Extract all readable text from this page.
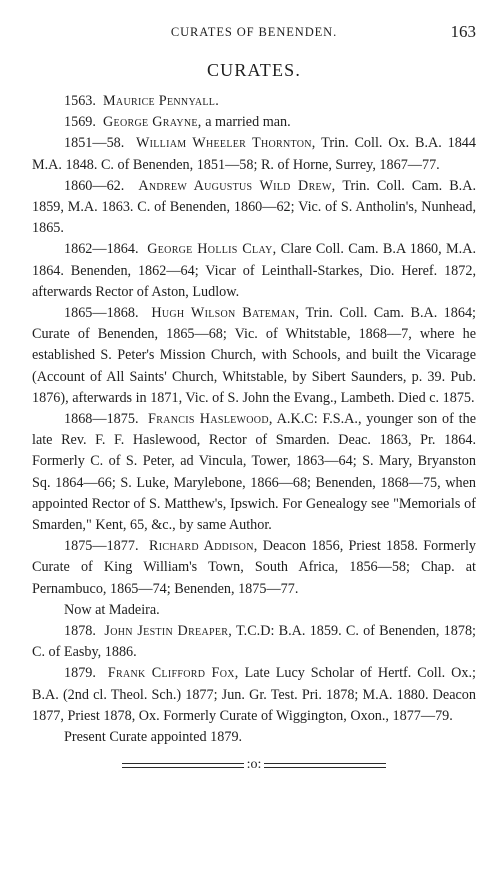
CURATES OF BENENDEN.	163
CURATES.

1563. Maurice Pennyall.

1569. George Grayne, a married man.

1851—58. William Wheeler Thornton, Trin. Coll. Ox. B.A. 1844 M.A. 1848. C. of Benenden, 1851—58; R. of Horne, Surrey, 1867—77.

1860—62. Andrew Augustus Wild Drew, Trin. Coll. Cam. B.A. 1859, M.A. 1863. C. of Benenden, 1860—62; Vic. of S. Antholin's, Nunhead, 1865.

1862—1864. George Hollis Clay, Clare Coll. Cam. B.A 1860, M.A. 1864. Benenden, 1862—64; Vicar of Leinthall-Starkes, Dio. Heref. 1872, afterwards Rector of Aston, Ludlow.

1865—1868. Hugh Wilson Bateman, Trin. Coll. Cam. B.A. 1864; Curate of Benenden, 1865—68; Vic. of Whitstable, 1868—7, where he established S. Peter's Mission Church, with Schools, and built the Vicarage (Account of All Saints' Church, Whitstable, by Sibert Saunders, p. 39. Pub. 1876), afterwards in 1871, Vic. of S. John the Evang., Lambeth. Died c. 1875.

1868—1875. Francis Haslewood, A.K.C: F.S.A., younger son of the late Rev. F. F. Haslewood, Rector of Smarden. Deac. 1863, Pr. 1864. Formerly C. of S. Peter, ad Vincula, Tower, 1863—64; S. Mary, Bryanston Sq. 1864—66; S. Luke, Marylebone, 1866—68; Benenden, 1868—75, when appointed Rector of S. Matthew's, Ipswich. For Genealogy see "Memorials of Smarden," Kent, 65, &c., by same Author.

1875—1877. Richard Addison, Deacon 1856, Priest 1858. Formerly Curate of King William's Town, South Africa, 1856—58; Chap. at Pernambuco, 1865—74; Benenden, 1875—77.

Now at Madeira.

1878. John Jestin Dreaper, T.C.D: B.A. 1859. C. of Benenden, 1878; C. of Easby, 1886.

1879. Frank Clifford Fox, Late Lucy Scholar of Hertf. Coll. Ox.; B.A. (2nd cl. Theol. Sch.) 1877; Jun. Gr. Test. Pri. 1878; M.A. 1880. Deacon 1877, Priest 1878, Ox. Formerly Curate of Wiggington, Oxon., 1877—79.

Present Curate appointed 1879.

:o:
